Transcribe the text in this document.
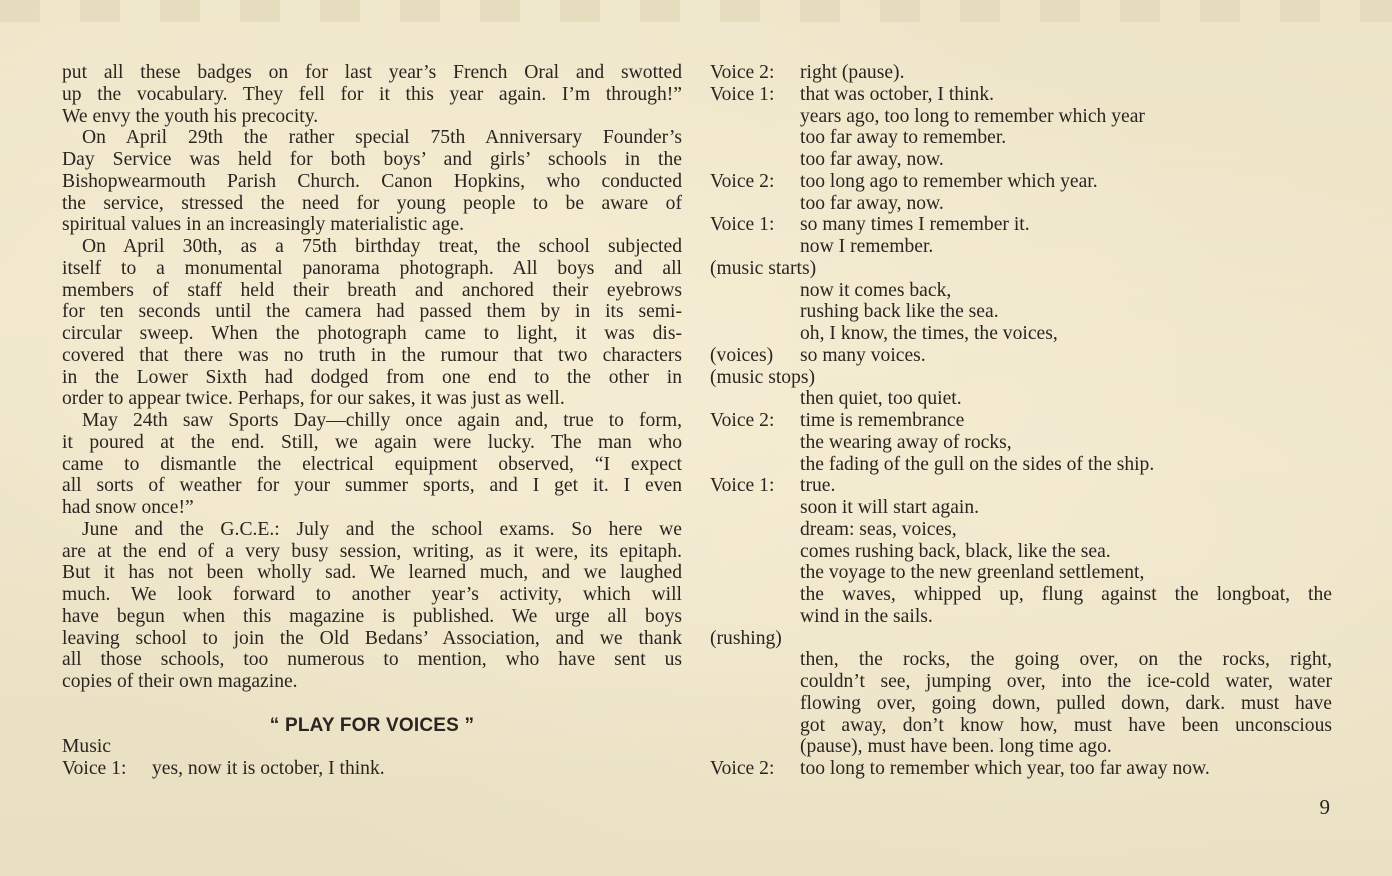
put all these badges on for last year’s French Oral and swotted
up the vocabulary. They fell for it this year again. I’m through!”
We envy the youth his precocity.
On April 29th the rather special 75th Anniversary Founder’s
Day Service was held for both boys’ and girls’ schools in the
Bishopwearmouth Parish Church. Canon Hopkins, who conducted
the service, stressed the need for young people to be aware of
spiritual values in an increasingly materialistic age.
On April 30th, as a 75th birthday treat, the school subjected
itself to a monumental panorama photograph. All boys and all
members of staff held their breath and anchored their eyebrows
for ten seconds until the camera had passed them by in its semi-
circular sweep. When the photograph came to light, it was dis-
covered that there was no truth in the rumour that two characters
in the Lower Sixth had dodged from one end to the other in
order to appear twice. Perhaps, for our sakes, it was just as well.
May 24th saw Sports Day—chilly once again and, true to form,
it poured at the end. Still, we again were lucky. The man who
came to dismantle the electrical equipment observed, “I expect
all sorts of weather for your summer sports, and I get it. I even
had snow once!”
June and the G.C.E.: July and the school exams. So here we
are at the end of a very busy session, writing, as it were, its epitaph.
But it has not been wholly sad. We learned much, and we laughed
much. We look forward to another year’s activity, which will
have begun when this magazine is published. We urge all boys
leaving school to join the Old Bedans’ Association, and we thank
all those schools, too numerous to mention, who have sent us
copies of their own magazine.
“ PLAY FOR VOICES ”
Music
Voice 1:	yes, now it is october, I think.
Voice 2:	right (pause).
Voice 1:	that was october, I think.
years ago, too long to remember which year
too far away to remember.
too far away, now.
Voice 2:	too long ago to remember which year.
too far away, now.
Voice 1:	so many times I remember it.
now I remember.
(music starts)
now it comes back,
rushing back like the sea.
oh, I know, the times, the voices,
(voices)	so many voices.
(music stops)
then quiet, too quiet.
Voice 2:	time is remembrance
the wearing away of rocks,
the fading of the gull on the sides of the ship.
Voice 1:	true.
soon it will start again.
dream: seas, voices,
comes rushing back, black, like the sea.
the voyage to the new greenland settlement,
the waves, whipped up, flung against the longboat, the
wind in the sails.
(rushing)
then, the rocks, the going over, on the rocks, right,
couldn’t see, jumping over, into the ice-cold water, water
flowing over, going down, pulled down, dark. must have
got away, don’t know how, must have been unconscious
(pause), must have been. long time ago.
Voice 2:	too long to remember which year, too far away now.
9
